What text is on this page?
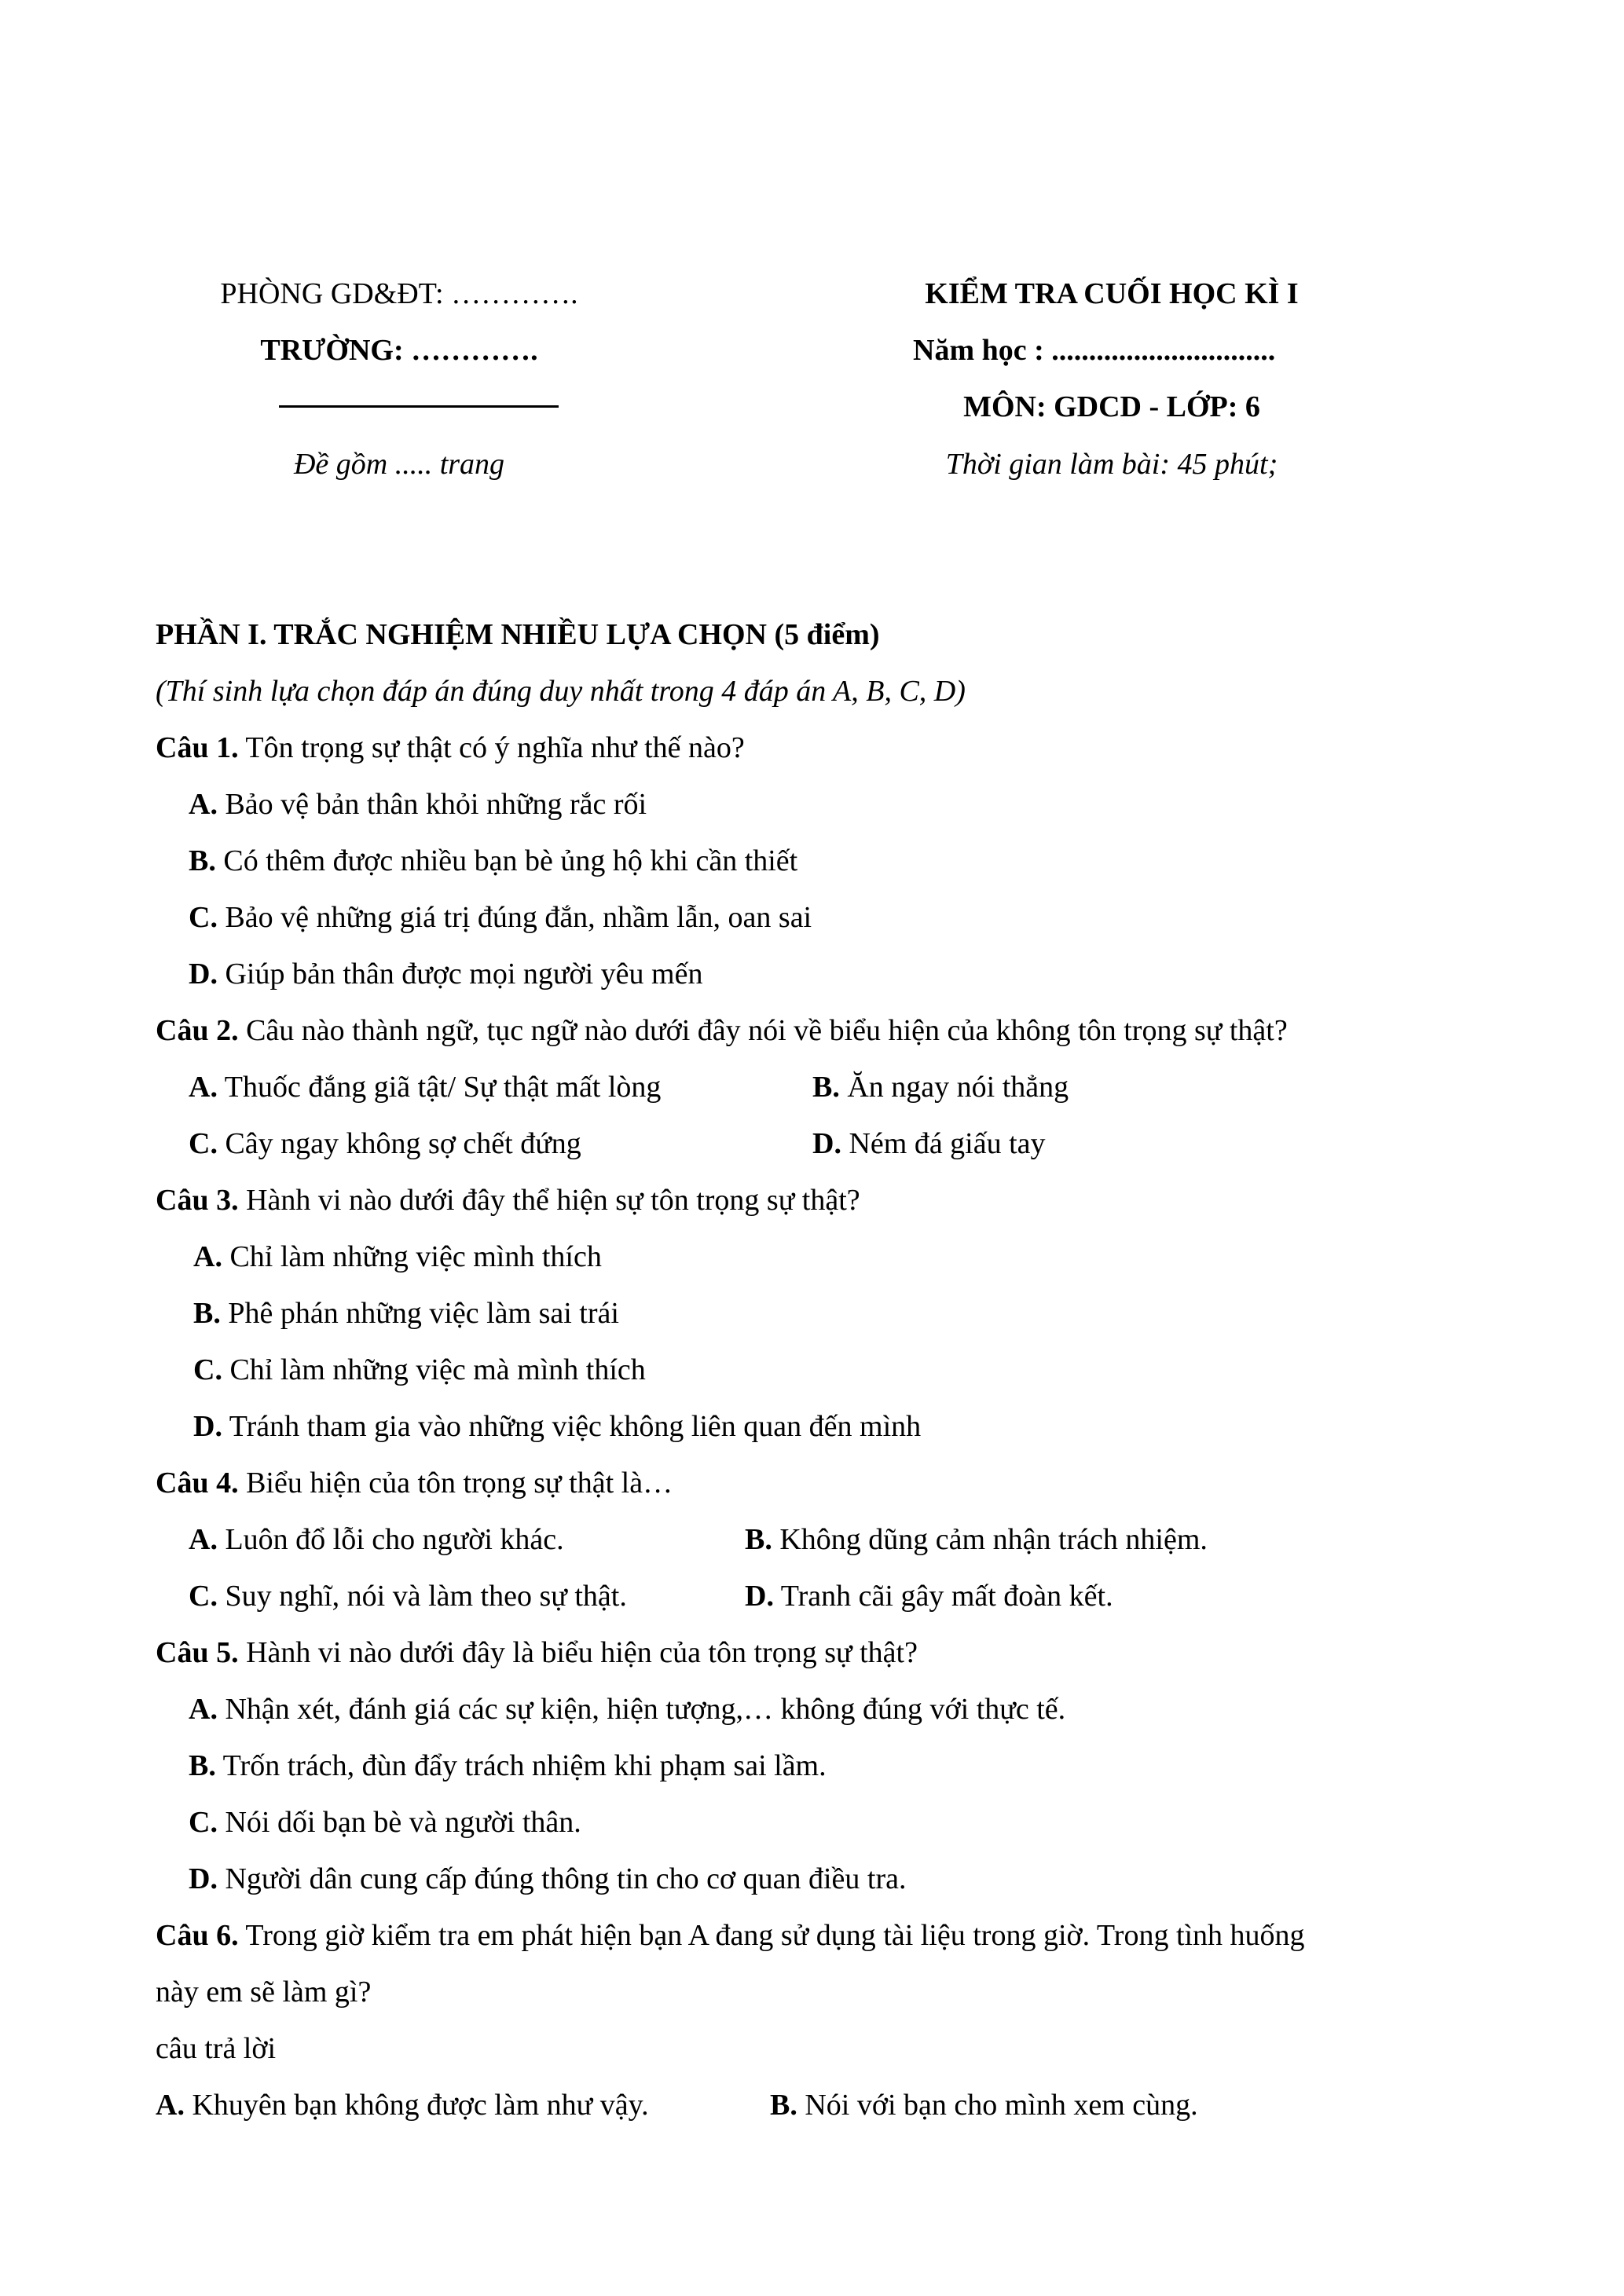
PHÒNG GD&ĐT: ………….
TRƯỜNG: ………….
Đề gồm ..... trang
KIỂM TRA CUỐI HỌC KÌ I
Năm học : ..............................
MÔN: GDCD - LỚP: 6
Thời gian làm bài: 45 phút;
PHẦN I. TRẮC NGHIỆM NHIỀU LỰA CHỌN (5 điểm)
(Thí sinh lựa chọn đáp án đúng duy nhất trong 4 đáp án A, B, C, D)
Câu 1. Tôn trọng sự thật có ý nghĩa như thế nào?
A. Bảo vệ bản thân khỏi những rắc rối
B. Có thêm được nhiều bạn bè ủng hộ khi cần thiết
C. Bảo vệ những giá trị đúng đắn, nhầm lẫn, oan sai
D. Giúp bản thân được mọi người yêu mến
Câu 2. Câu nào thành ngữ, tục ngữ nào dưới đây nói về biểu hiện của không tôn trọng sự thật?
A. Thuốc đắng giã tật/ Sự thật mất lòng	B. Ăn ngay nói thẳng
C. Cây ngay không sợ chết đứng	D. Ném đá giấu tay
Câu 3. Hành vi nào dưới đây thể hiện sự tôn trọng sự thật?
A. Chỉ làm những việc mình thích
B. Phê phán những việc làm sai trái
C. Chỉ làm những việc mà mình thích
D. Tránh tham gia vào những việc không liên quan đến mình
Câu 4. Biểu hiện của tôn trọng sự thật là…
A. Luôn đổ lỗi cho người khác.	B. Không dũng cảm nhận trách nhiệm.
C. Suy nghĩ, nói và làm theo sự thật.	D. Tranh cãi gây mất đoàn kết.
Câu 5. Hành vi nào dưới đây là biểu hiện của tôn trọng sự thật?
A. Nhận xét, đánh giá các sự kiện, hiện tượng,… không đúng với thực tế.
B. Trốn trách, đùn đẩy trách nhiệm khi phạm sai lầm.
C. Nói dối bạn bè và người thân.
D. Người dân cung cấp đúng thông tin cho cơ quan điều tra.
Câu 6. Trong giờ kiểm tra em phát hiện bạn A đang sử dụng tài liệu trong giờ. Trong tình huống
này em sẽ làm gì?
câu trả lời
A. Khuyên bạn không được làm như vậy.	B. Nói với bạn cho mình xem cùng.
